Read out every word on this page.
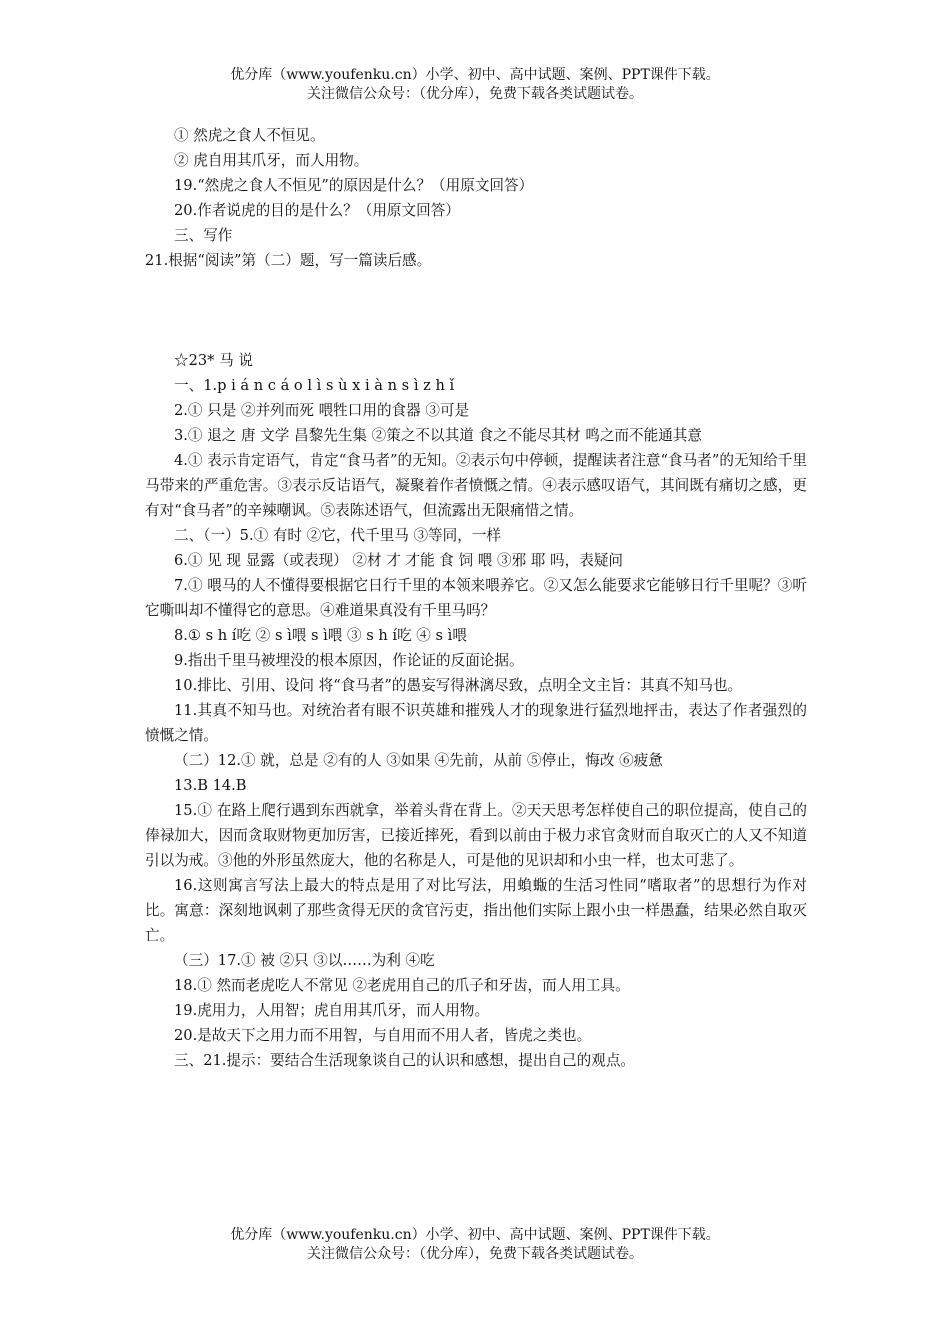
优分库（www.youfenku.cn）小学、初中、高中试题、案例、PPT课件下载。
关注微信公众号：（优分库），免费下载各类试题试卷。

① 然虎之食人不恒见。

② 虎自用其爪牙，而人用物。

19.“然虎之食人不恒见”的原因是什么？（用原文回答）

20.作者说虎的目的是什么？（用原文回答）

三、写作

21.根据“阅读”第（二）题，写一篇读后感。

☆23* 马 说

一、1.p i á n c á o l ì s ù x i à n s ì z h ǐ

2.① 只是 ②并列而死 喂牲口用的食器 ③可是

3.① 退之 唐 文学 昌黎先生集 ②策之不以其道 食之不能尽其材 鸣之而不能通其意

4.① 表示肯定语气，肯定“食马者”的无知。②表示句中停顿，提醒读者注意“食马者”的无知给千里马带来的严重危害。③表示反诘语气，凝聚着作者愤慨之情。④表示感叹语气，其间既有痛切之感，更有对“食马者”的辛辣嘲讽。⑤表陈述语气，但流露出无限痛惜之情。

二、（一）5.① 有时 ②它，代千里马 ③等同，一样

6.① 见 现 显露（或表现） ②材 才 才能 食 饲 喂 ③邪 耶 吗，表疑问

7.① 喂马的人不懂得要根据它日行千里的本领来喂养它。②又怎么能要求它能够日行千里呢？③听它嘶叫却不懂得它的意思。④难道果真没有千里马吗？

8.① s h í吃 ② s ì喂 s ì喂 ③ s h í吃 ④ s ì喂

9.指出千里马被埋没的根本原因，作论证的反面论据。

10.排比、引用、设问 将“食马者”的愚妄写得淋漓尽致，点明全文主旨：其真不知马也。

11.其真不知马也。对统治者有眼不识英雄和摧残人才的现象进行猛烈地抨击，表达了作者强烈的愤慨之情。

（二）12.① 就，总是 ②有的人 ③如果 ④先前，从前 ⑤停止，悔改 ⑥疲惫

13.B 14.B

15.① 在路上爬行遇到东西就拿，举着头背在背上。②天天思考怎样使自己的职位提高，使自己的俸禄加大，因而贪取财物更加厉害，已接近摔死，看到以前由于极力求官贪财而自取灭亡的人又不知道引以为戒。③他的外形虽然庞大，他的名称是人，可是他的见识却和小虫一样，也太可悲了。

16.这则寓言写法上最大的特点是用了对比写法，用蝜蝂的生活习性同“嗜取者”的思想行为作对比。寓意：深刻地讽刺了那些贪得无厌的贪官污吏，指出他们实际上跟小虫一样愚蠢，结果必然自取灭亡。

（三）17.① 被 ②只 ③以……为利 ④吃

18.① 然而老虎吃人不常见 ②老虎用自己的爪子和牙齿，而人用工具。

19.虎用力，人用智；虎自用其爪牙，而人用物。

20.是故天下之用力而不用智，与自用而不用人者，皆虎之类也。

三、21.提示：要结合生活现象谈自己的认识和感想，提出自己的观点。

优分库（www.youfenku.cn）小学、初中、高中试题、案例、PPT课件下载。
关注微信公众号：（优分库），免费下载各类试题试卷。
